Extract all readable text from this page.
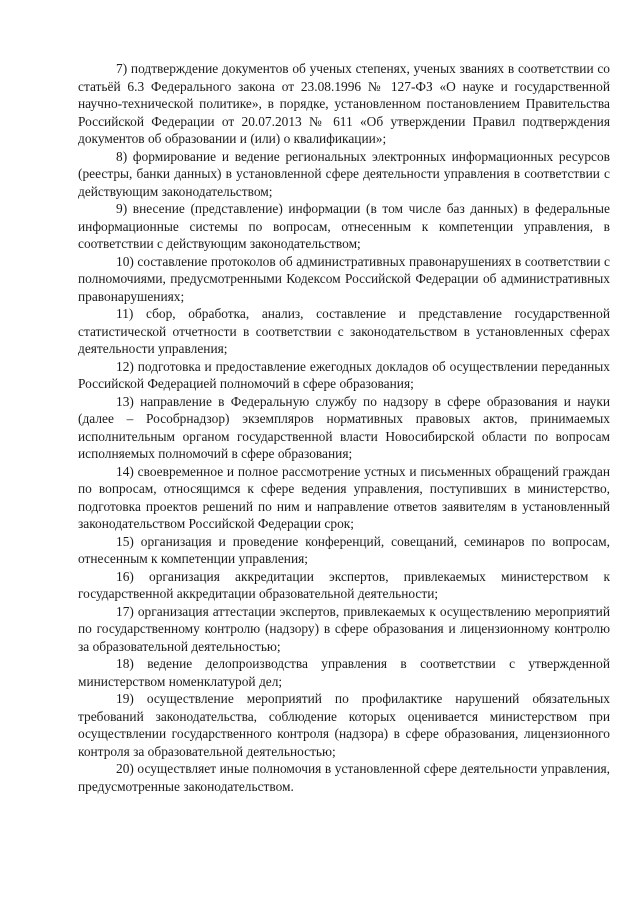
7) подтверждение документов об ученых степенях, ученых званиях в соответствии со статьёй 6.3 Федерального закона от 23.08.1996 № 127-ФЗ «О науке и государственной научно-технической политике», в порядке, установленном постановлением Правительства Российской Федерации от 20.07.2013 № 611 «Об утверждении Правил подтверждения документов об образовании и (или) о квалификации»;

8) формирование и ведение региональных электронных информационных ресурсов (реестры, банки данных) в установленной сфере деятельности управления в соответствии с действующим законодательством;

9) внесение (представление) информации (в том числе баз данных) в федеральные информационные системы по вопросам, отнесенным к компетенции управления, в соответствии с действующим законодательством;

10) составление протоколов об административных правонарушениях в соответствии с полномочиями, предусмотренными Кодексом Российской Федерации об административных правонарушениях;

11) сбор, обработка, анализ, составление и представление государственной статистической отчетности в соответствии с законодательством в установленных сферах деятельности управления;

12) подготовка и предоставление ежегодных докладов об осуществлении переданных Российской Федерацией полномочий в сфере образования;

13) направление в Федеральную службу по надзору в сфере образования и науки (далее – Рособрнадзор) экземпляров нормативных правовых актов, принимаемых исполнительным органом государственной власти Новосибирской области по вопросам исполняемых полномочий в сфере образования;

14) своевременное и полное рассмотрение устных и письменных обращений граждан по вопросам, относящимся к сфере ведения управления, поступивших в министерство, подготовка проектов решений по ним и направление ответов заявителям в установленный законодательством Российской Федерации срок;

15) организация и проведение конференций, совещаний, семинаров по вопросам, отнесенным к компетенции управления;

16) организация аккредитации экспертов, привлекаемых министерством к государственной аккредитации образовательной деятельности;

17) организация аттестации экспертов, привлекаемых к осуществлению мероприятий по государственному контролю (надзору) в сфере образования и лицензионному контролю за образовательной деятельностью;

18) ведение делопроизводства управления в соответствии с утвержденной министерством номенклатурой дел;

19) осуществление мероприятий по профилактике нарушений обязательных требований законодательства, соблюдение которых оценивается министерством при осуществлении государственного контроля (надзора) в сфере образования, лицензионного контроля за образовательной деятельностью;

20) осуществляет иные полномочия в установленной сфере деятельности управления, предусмотренные законодательством.
